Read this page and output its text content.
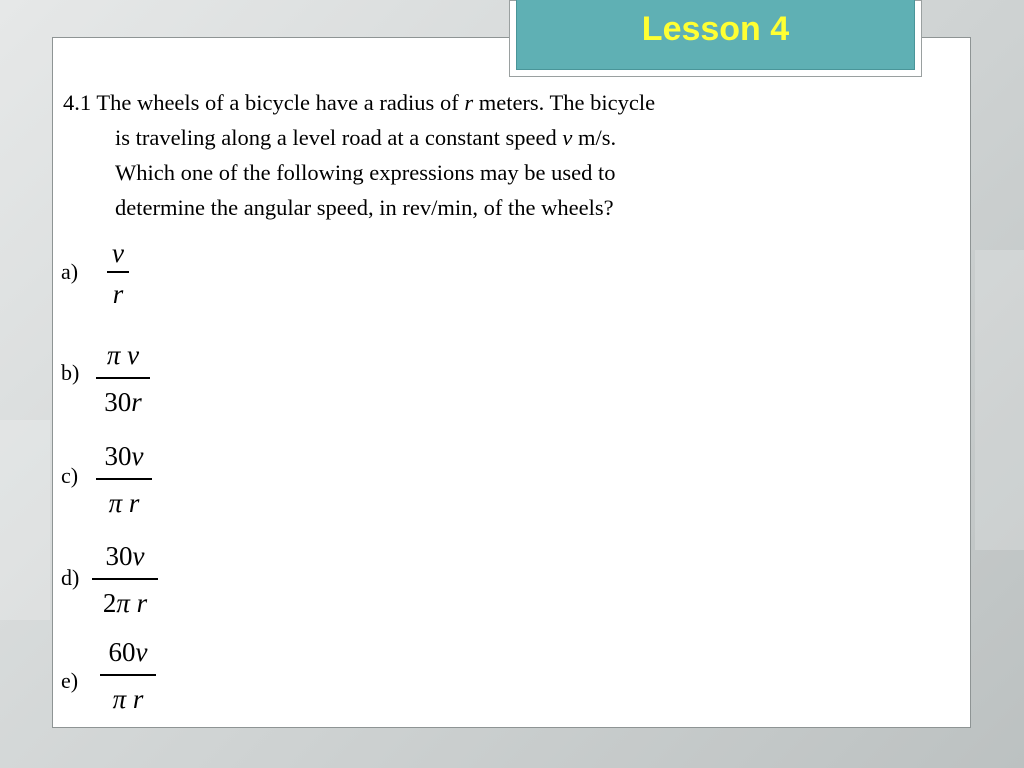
4.1 The wheels of a bicycle have a radius of r meters. The bicycle
is traveling along a level road at a constant speed v m/s.
Which one of the following expressions may be used to
determine the angular speed, in rev/min, of the wheels?
a)
v
r
b)
π v
30r
c)
30v
π r
d)
30v
2π r
e)
60v
π r
Lesson 4
